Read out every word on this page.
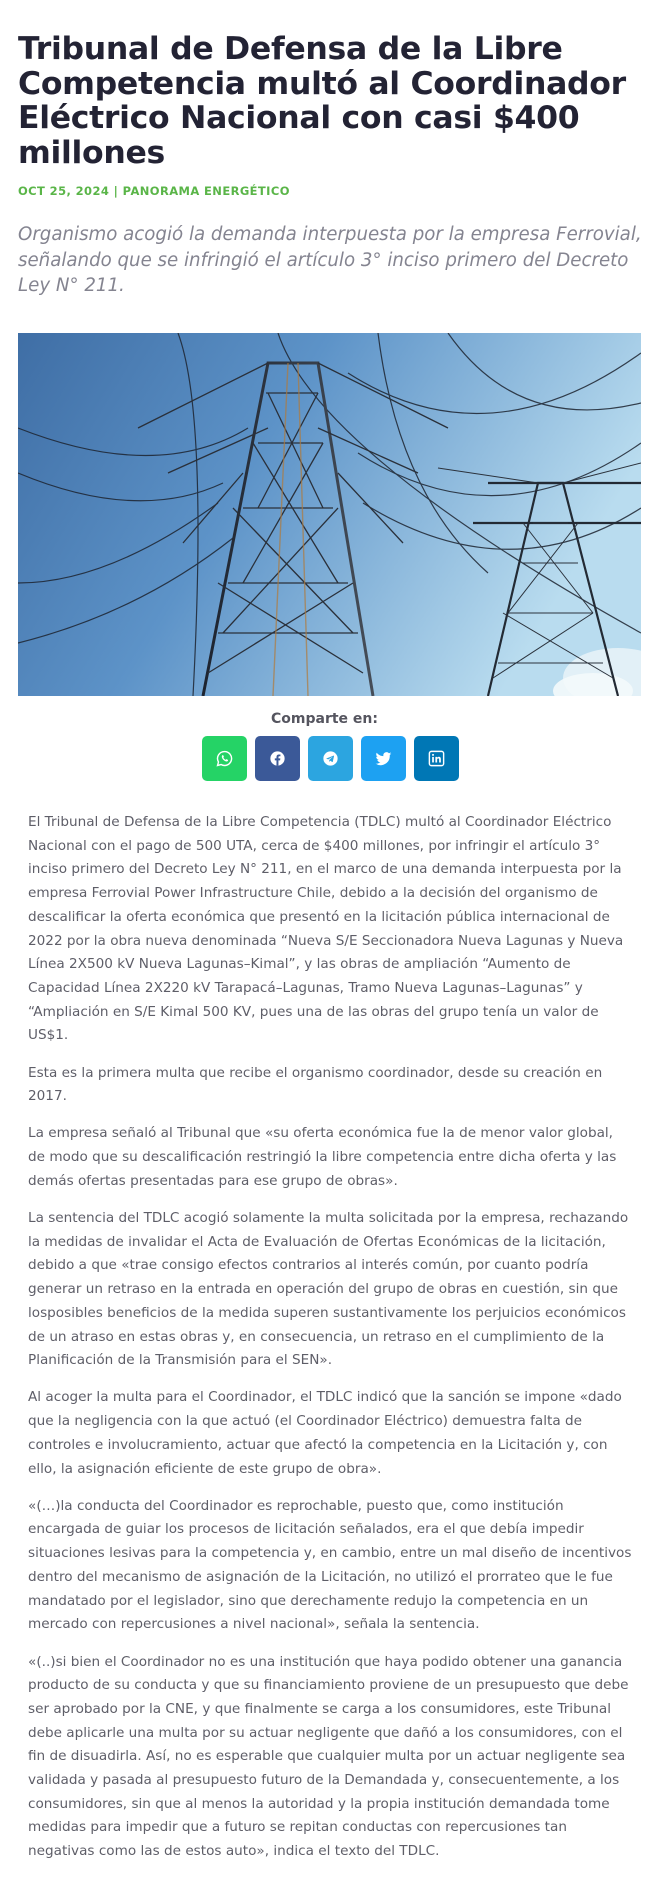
Tribunal de Defensa de la Libre Competencia multó al Coordinador Eléctrico Nacional con casi $400 millones
OCT 25, 2024 | PANORAMA ENERGÉTICO

Organismo acogió la demanda interpuesta por la empresa Ferrovial, señalando que se infringió el artículo 3° inciso primero del Decreto Ley N° 211.

Comparte en:

El Tribunal de Defensa de la Libre Competencia (TDLC) multó al Coordinador Eléctrico Nacional con el pago de 500 UTA, cerca de $400 millones, por infringir el artículo 3° inciso primero del Decreto Ley N° 211, en el marco de una demanda interpuesta por la empresa Ferrovial Power Infrastructure Chile, debido a la decisión del organismo de descalificar la oferta económica que presentó en la licitación pública internacional de 2022 por la obra nueva denominada “Nueva S/E Seccionadora Nueva Lagunas y Nueva Línea 2X500 kV Nueva Lagunas–Kimal”, y las obras de ampliación “Aumento de Capacidad Línea 2X220 kV Tarapacá–Lagunas, Tramo Nueva Lagunas–Lagunas” y “Ampliación en S/E Kimal 500 KV, pues una de las obras del grupo tenía un valor de US$1.

Esta es la primera multa que recibe el organismo coordinador, desde su creación en 2017.

La empresa señaló al Tribunal que «su oferta económica fue la de menor valor global, de modo que su descalificación restringió la libre competencia entre dicha oferta y las demás ofertas presentadas para ese grupo de obras».

La sentencia del TDLC acogió solamente la multa solicitada por la empresa, rechazando la medidas de invalidar el Acta de Evaluación de Ofertas Económicas de la licitación, debido a que «trae consigo efectos contrarios al interés común, por cuanto podría generar un retraso en la entrada en operación del grupo de obras en cuestión, sin que losposibles beneficios de la medida superen sustantivamente los perjuicios económicos de un atraso en estas obras y, en consecuencia, un retraso en el cumplimiento de la Planificación de la Transmisión para el SEN».

Al acoger la multa para el Coordinador, el TDLC indicó que la sanción se impone «dado que la negligencia con la que actuó (el Coordinador Eléctrico) demuestra falta de controles e involucramiento, actuar que afectó la competencia en la Licitación y, con ello, la asignación eficiente de este grupo de obra».

«(…)la conducta del Coordinador es reprochable, puesto que, como institución encargada de guiar los procesos de licitación señalados, era el que debía impedir situaciones lesivas para la competencia y, en cambio, entre un mal diseño de incentivos dentro del mecanismo de asignación de la Licitación, no utilizó el prorrateo que le fue mandatado por el legislador, sino que derechamente redujo la competencia en un mercado con repercusiones a nivel nacional», señala la sentencia.

«(..)si bien el Coordinador no es una institución que haya podido obtener una ganancia producto de su conducta y que su financiamiento proviene de un presupuesto que debe ser aprobado por la CNE, y que finalmente se carga a los consumidores, este Tribunal debe aplicarle una multa por su actuar negligente que dañó a los consumidores, con el fin de disuadirla. Así, no es esperable que cualquier multa por un actuar negligente sea validada y pasada al presupuesto futuro de la Demandada y, consecuentemente, a los consumidores, sin que al menos la autoridad y la propia institución demandada tome medidas para impedir que a futuro se repitan conductas con repercusiones tan negativas como las de estos auto», indica el texto del TDLC.
